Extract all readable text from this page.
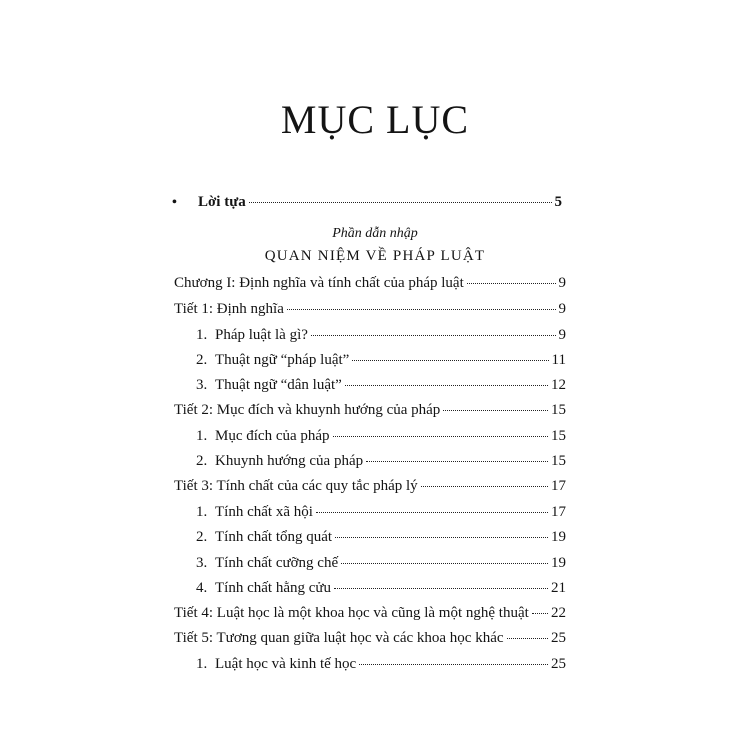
MỤC LỤC
•	Lời tựa	5
Phần dẫn nhập
QUAN NIỆM VỀ PHÁP LUẬT
Chương I: Định nghĩa và tính chất của pháp luật	9
Tiết 1: Định nghĩa	9
1. Pháp luật là gì?	9
2. Thuật ngữ “pháp luật”	11
3. Thuật ngữ “dân luật”	12
Tiết 2: Mục đích và khuynh hướng của pháp	15
1. Mục đích của pháp	15
2. Khuynh hướng của pháp	15
Tiết 3: Tính chất của các quy tắc pháp lý	17
1. Tính chất xã hội	17
2. Tính chất tổng quát	19
3. Tính chất cưỡng chế	19
4. Tính chất hằng cửu	21
Tiết 4: Luật học là một khoa học và cũng là một nghệ thuật 22
Tiết 5: Tương quan giữa luật học và các khoa học khác	25
1. Luật học và kinh tế học	25
